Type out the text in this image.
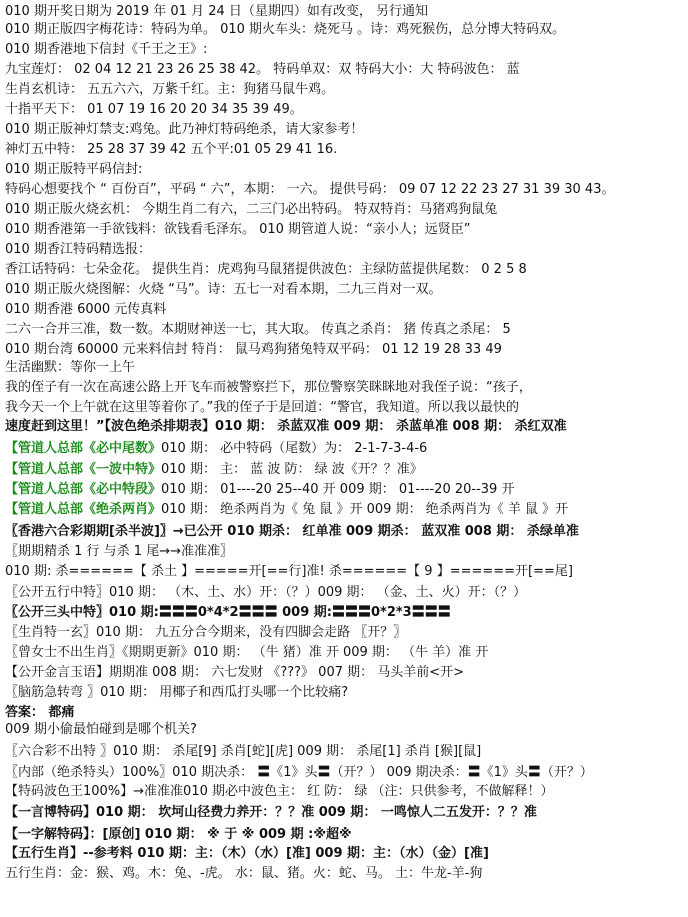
010 期开奖日期为 2019 年 01 月 24 日（星期四）如有改变， 另行通知
010 期正版四字梅花诗：特码为单。 010 期火车头：烧死马 。诗：鸡死猴伤，总分博大特码双。
010 期香港地下信封《千王之王》:
九宝莲灯： 02 04 12 21 23 26 25 38 42。 特码单双：双 特码大小：大 特码波色： 蓝
生肖玄机诗： 五五六六，万紫千红。主：狗猪马鼠牛鸡。
十指平天下： 01 07 19 16 20 20 34 35 39 49。
010 期正版神灯禁支:鸡兔。此乃神灯特码绝杀，请大家参考！
神灯五中特： 25 28 37 39 42 五个平:01 05 29 41 16.
010 期正版特平码信封:
特码心想要找个 “ 百份百”，平码 “ 六”，本期： 一六。 提供号码： 09 07 12 22 23 27 31 39 30 43。
010 期正版火烧玄机： 今期生肖二有六，二三门必出特码。 特双特肖：马猪鸡狗鼠兔
010 期香港第一手欲钱料：欲钱看毛泽东。 010 期管道人说：“亲小人；远贤臣”
010 期香江特码精选报：
香江话特码：七朵金花。 提供生肖：虎鸡狗马鼠猪提供波色：主绿防蓝提供尾数： 0 2 5 8
010 期正版火烧图解：火烧 “马”。诗：五七一对看本期，二九三肖对一双。
010 期香港 6000 元传真料
二六一合并三准，数一数。本期财神送一七，其大取。 传真之杀肖： 猪 传真之杀尾： 5
010 期台湾 60000 元来料信封 特肖： 鼠马鸡狗猪兔特双平码： 01 12 19 28 33 49
生活幽默：等你一上午
我的侄子有一次在高速公路上开飞车而被警察拦下，那位警察笑眯眯地对我侄子说：“孩子，
我今天一个上午就在这里等着你了。”我的侄子于是回道：“警官，我知道。所以我以最快的
速度赶到这里！”【波色绝杀排期表】010 期： 杀蓝双准 009 期： 杀蓝单准 008 期： 杀红双准
【管道人总部《必中尾数》010 期： 必中特码（尾数）为： 2-1-7-3-4-6
【管道人总部《一波中特》010 期： 主： 蓝 波 防： 绿 波《开？？准》
【管道人总部《必中特段》010 期： 01----20 25--40 开 009 期： 01----20 20--39 开
【管道人总部《绝杀两肖》010 期： 绝杀两肖为《 兔 鼠 》开 009 期： 绝杀两肖为《 羊 鼠 》开
〖香港六合彩期期[杀半波]〗→已公开 010 期杀： 红单准 009 期杀： 蓝双准 008 期： 杀绿单准
〖期期精杀 1 行 与杀 1 尾→→准准准〗
010 期: 杀======【 杀土 】=====开[==行]准! 杀======【 9 】======开[==尾]
〖公开五行中特〗010 期： （木、土、水）开：（？）009 期： （金、土、火）开：（？）
〖公开三头中特〗010 期:〓〓〓0*4*2〓〓〓 009 期:〓〓〓0*2*3〓〓〓
〖生肖特一玄〗010 期： 九五分合今期来，没有四脚会走路 〖开？〗
〖曾女士不出生肖〗《期期更新》010 期： （牛 猪）准 开 009 期： （牛 羊）准 开
【公开金言玉语】期期准 008 期： 六七发财 《???》 007 期： 马头羊前<开>
〖脑筋急转弯 〗010 期： 用椰子和西瓜打头哪一个比较痛?
答案： 都痛
009 期小偷最怕碰到是哪个机关?
〖六合彩不出特 〗010 期： 杀尾[9] 杀肖[蛇][虎] 009 期： 杀尾[1] 杀肖 [猴][鼠]
〖内部（绝杀特头）100%〗010 期决杀： 〓《1》头〓（开？） 009 期决杀：〓《1》头〓（开？）
【特码波色王100%】→准准准010 期必中波色主： 红 防： 绿 （注：只供参考，不做解释！）
【一言博特码】010 期： 坎坷山径费力养开：？？准 009 期： 一鸣惊人二五发开：？？准
【一字解特码】：[原创] 010 期： ※ 于 ※ 009 期 :※超※
【五行生肖】--参考料 010 期：主：（木）（水）[准] 009 期：主：（水）（金）[准]
五行生肖：金：猴、鸡。木：兔、-虎。 水：鼠、猪。火：蛇、马。 土：牛龙-羊-狗
